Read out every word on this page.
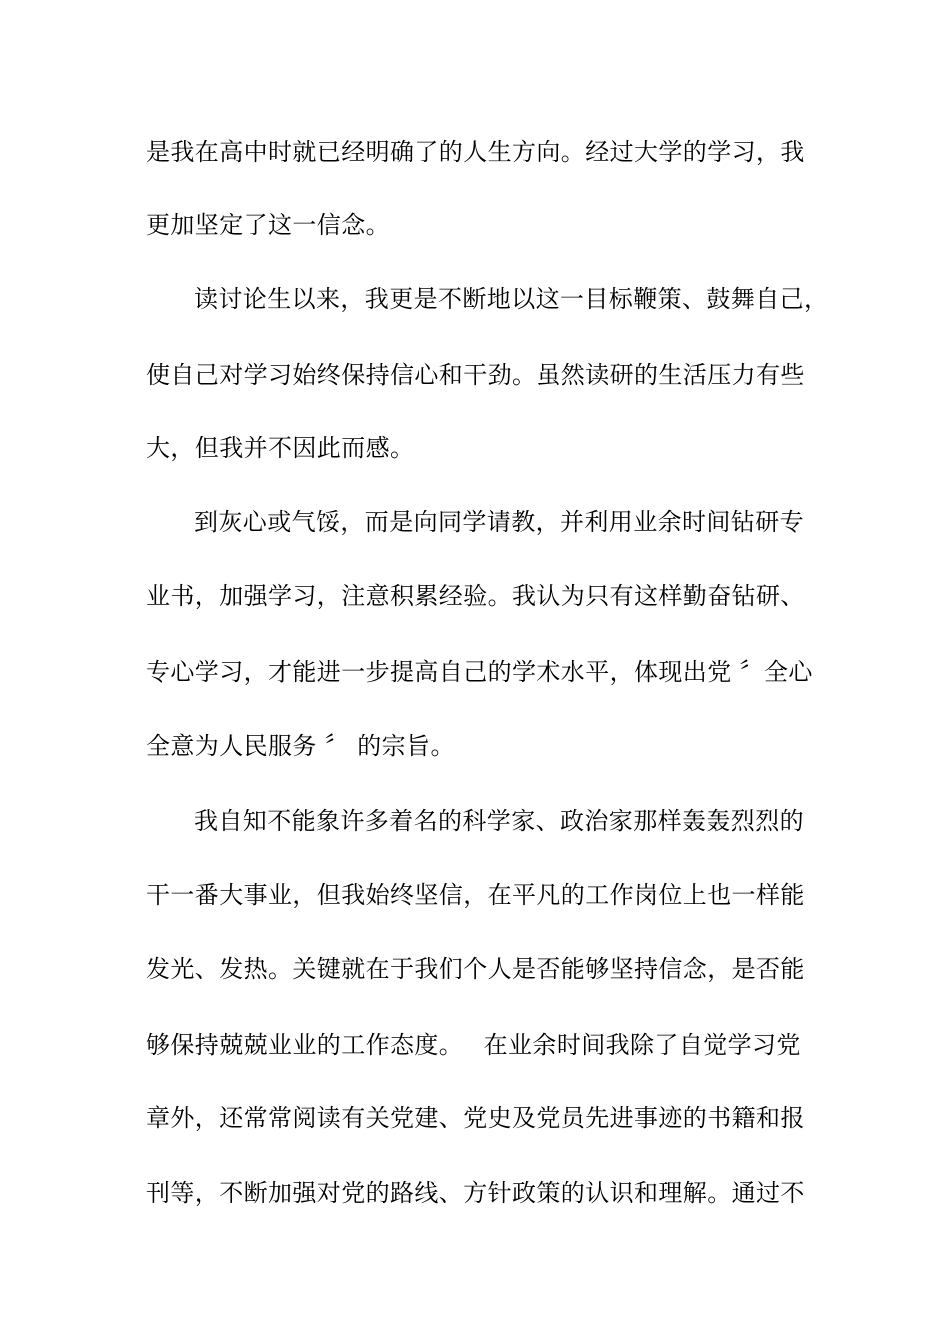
是我在高中时就已经明确了的人生方向。经过大学的学习，我
更加坚定了这一信念。
读讨论生以来，我更是不断地以这一目标鞭策、鼓舞自己，
使自己对学习始终保持信心和干劲。虽然读研的生活压力有些
大，但我并不因此而感。
到灰心或气馁，而是向同学请教，并利用业余时间钻研专
业书，加强学习，注意积累经验。我认为只有这样勤奋钻研、
专心学习，才能进一步提高自己的学术水平，体现出党 〞全心
全意为人民服务 〞 的宗旨。
我自知不能象许多着名的科学家、政治家那样轰轰烈烈的
干一番大事业，但我始终坚信，在平凡的工作岗位上也一样能
发光、发热。关键就在于我们个人是否能够坚持信念，是否能
够保持兢兢业业的工作态度。　 在业余时间我除了自觉学习党
章外，还常常阅读有关党建、党史及党员先进事迹的书籍和报
刊等，不断加强对党的路线、方针政策的认识和理解。通过不
